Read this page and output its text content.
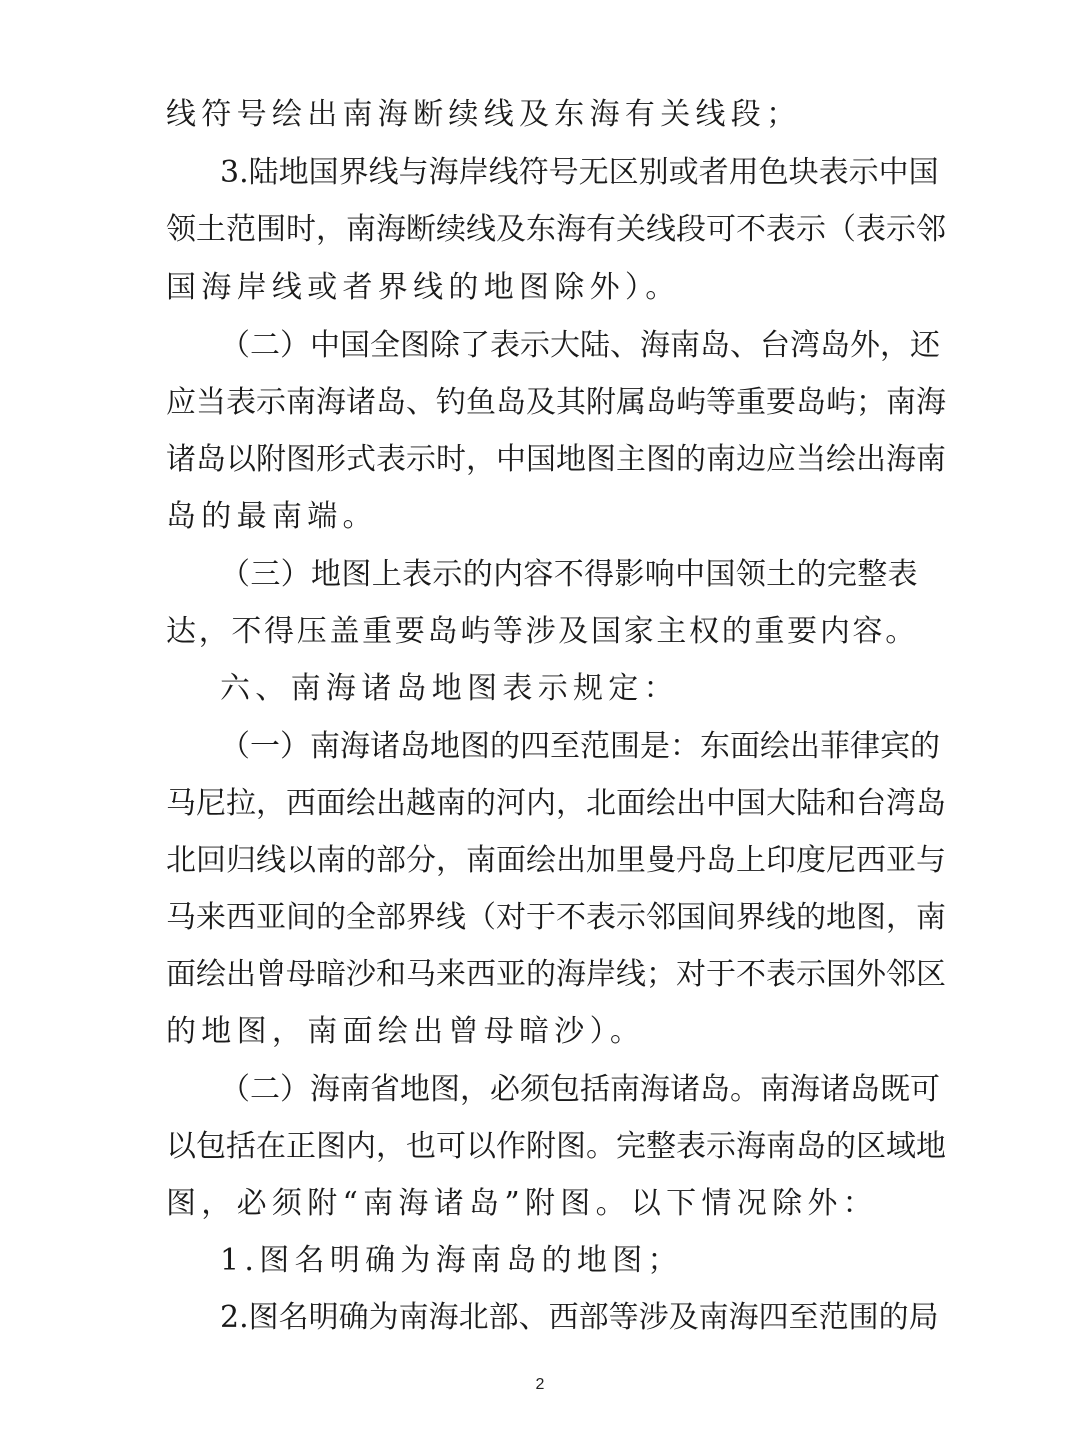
线符号绘出南海断续线及东海有关线段；
3.陆地国界线与海岸线符号无区别或者用色块表示中国
领土范围时，南海断续线及东海有关线段可不表示（表示邻
国海岸线或者界线的地图除外）。
（二）中国全图除了表示大陆、海南岛、台湾岛外，还
应当表示南海诸岛、钓鱼岛及其附属岛屿等重要岛屿；南海
诸岛以附图形式表示时，中国地图主图的南边应当绘出海南
岛的最南端。
（三）地图上表示的内容不得影响中国领土的完整表
达，不得压盖重要岛屿等涉及国家主权的重要内容。
六、南海诸岛地图表示规定：
（一）南海诸岛地图的四至范围是：东面绘出菲律宾的
马尼拉，西面绘出越南的河内，北面绘出中国大陆和台湾岛
北回归线以南的部分，南面绘出加里曼丹岛上印度尼西亚与
马来西亚间的全部界线（对于不表示邻国间界线的地图，南
面绘出曾母暗沙和马来西亚的海岸线；对于不表示国外邻区
的地图，南面绘出曾母暗沙）。
（二）海南省地图，必须包括南海诸岛。南海诸岛既可
以包括在正图内，也可以作附图。完整表示海南岛的区域地
图，必须附“南海诸岛”附图。以下情况除外：
1.图名明确为海南岛的地图；
2.图名明确为南海北部、西部等涉及南海四至范围的局
2
